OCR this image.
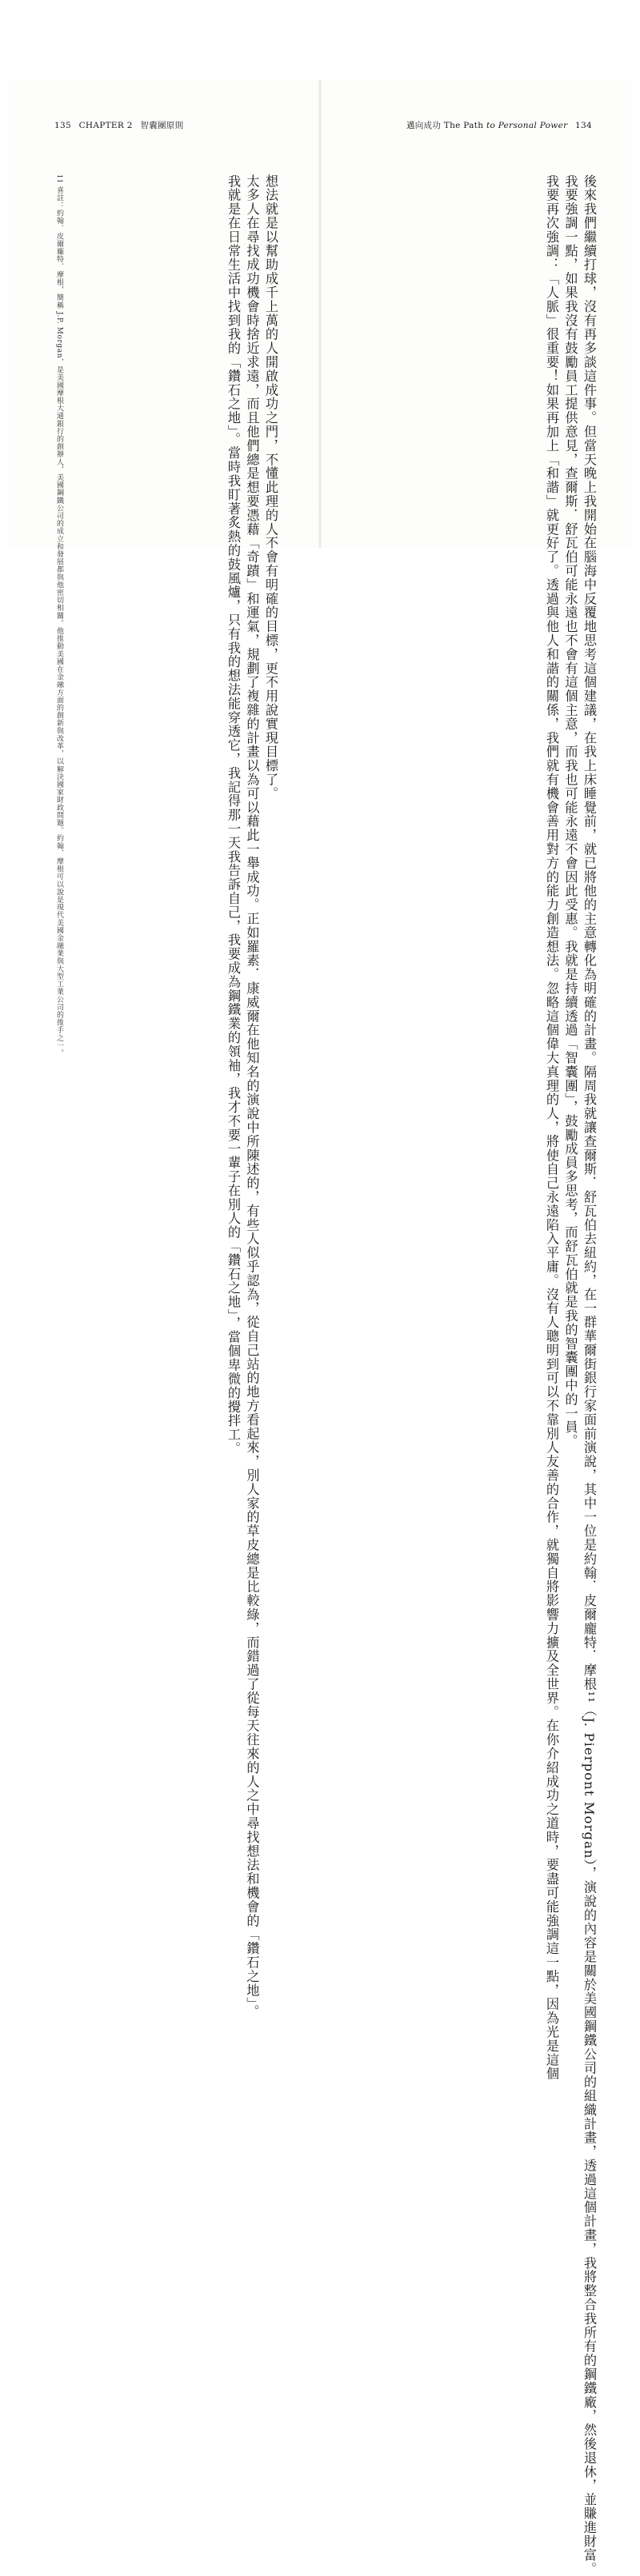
135 CHAPTER 2 智囊團原則
想法就是以幫助成千上萬的人開啟成功之門，不懂此理的人不會有明確的目標，更不用說實現目標了。
太多人在尋找成功機會時捨近求遠，而且他們總是想要憑藉「奇蹟」和運氣，規劃了複雜的計畫以為可以藉此一舉成功。正如羅素．康威爾在他知名的演說中所陳述的，有些人似乎認為，從自己站的地方看起來，別人家的草皮總是比較綠，而錯過了從每天往來的人之中尋找想法和機會的「鑽石之地」。
我就是在日常生活中找到我的「鑽石之地」。當時我盯著炙熱的鼓風爐，只有我的想法能穿透它，我記得那一天我告訴自己，我要成為鋼鐵業的領袖，我才不要一輩子在別人的「鑽石之地」，當個卑微的攪拌工。
11 喜註：約翰．皮爾龐特．摩根，簡稱 J.P. Morgan，是美國摩根大通銀行的創辦人，美國鋼鐵公司的成立和發展都與他密切相關。他推動美國在金融方面的創新與改革，以解決國家財政問題。約翰．摩根可以說是現代美國金融業與大型工業公司的推手之一。
邁向成功 The Path to Personal Power 134
後來我們繼續打球，沒有再多談這件事。但當天晚上我開始在腦海中反覆地思考這個建議，在我上床睡覺前，就已將他的主意轉化為明確的計畫。隔周我就讓查爾斯．舒瓦伯去紐約，在一群華爾街銀行家面前演說，其中一位是約翰．皮爾龐特．摩根¹¹（J. Pierpont Morgan），演說的內容是關於美國鋼鐵公司的組織計畫，透過這個計畫，我將整合我所有的鋼鐵廠，然後退休，並賺進財富。
我要強調一點，如果我沒有鼓勵員工提供意見，查爾斯．舒瓦伯可能永遠也不會有這個主意，而我也可能永遠不會因此受惠。我就是持續透過「智囊團」，鼓勵成員多思考，而舒瓦伯就是我的智囊團中的一員。
我要再次強調：「人脈」很重要！如果再加上「和諧」就更好了。透過與他人和諧的關係，我們就有機會善用對方的能力創造想法。忽略這個偉大真理的人，將使自己永遠陷入平庸。沒有人聰明到可以不靠別人友善的合作，就獨自將影響力擴及全世界。在你介紹成功之道時，要盡可能強調這一點，因為光是這個
